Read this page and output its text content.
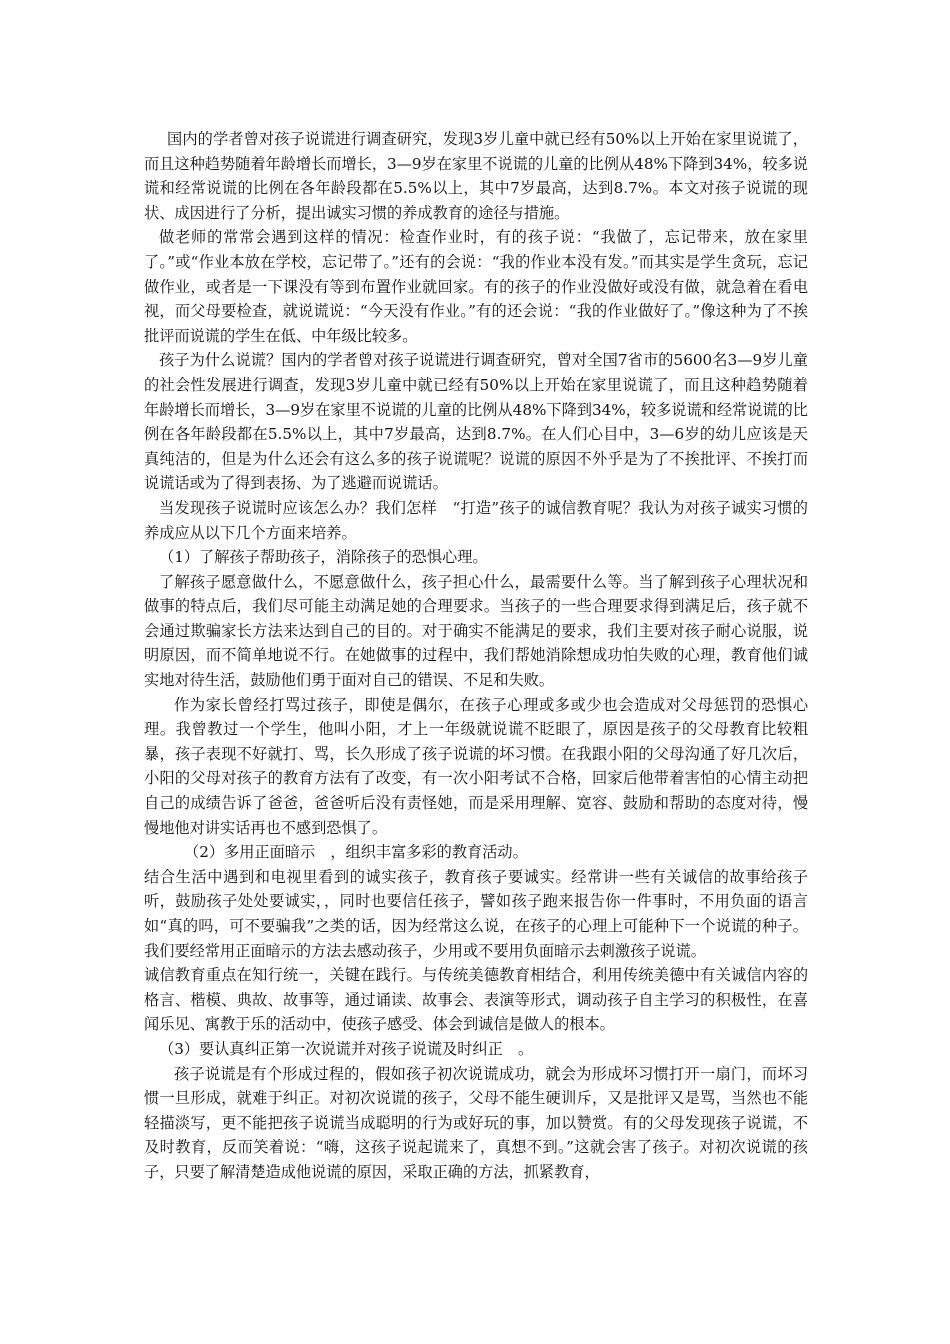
国内的学者曾对孩子说谎进行调查研究，发现3岁儿童中就已经有50%以上开始在家里说谎了，而且这种趋势随着年龄增长而增长，3—9岁在家里不说谎的儿童的比例从48%下降到34%，较多说谎和经常说谎的比例在各年龄段都在5.5%以上，其中7岁最高，达到8.7%。本文对孩子说谎的现状、成因进行了分析，提出诚实习惯的养成教育的途径与措施。

做老师的常常会遇到这样的情况：检查作业时，有的孩子说：“我做了，忘记带来，放在家里了。”或“作业本放在学校，忘记带了。”还有的会说：“我的作业本没有发。”而其实是学生贪玩，忘记做作业，或者是一下课没有等到布置作业就回家。有的孩子的作业没做好或没有做，就急着在看电视，而父母要检查，就说谎说：“今天没有作业。”有的还会说：“我的作业做好了。”像这种为了不挨批评而说谎的学生在低、中年级比较多。

孩子为什么说谎？国内的学者曾对孩子说谎进行调查研究，曾对全国7省市的5600名3—9岁儿童的社会性发展进行调查，发现3岁儿童中就已经有50%以上开始在家里说谎了，而且这种趋势随着年龄增长而增长，3—9岁在家里不说谎的儿童的比例从48%下降到34%，较多说谎和经常说谎的比例在各年龄段都在5.5%以上，其中7岁最高，达到8.7%。在人们心目中，3—6岁的幼儿应该是天真纯洁的，但是为什么还会有这么多的孩子说谎呢？说谎的原因不外乎是为了不挨批评、不挨打而说谎话或为了得到表扬、为了逃避而说谎话。

当发现孩子说谎时应该怎么办？我们怎样　“打造”孩子的诚信教育呢？我认为对孩子诚实习惯的养成应从以下几个方面来培养。

（1）了解孩子帮助孩子，消除孩子的恐惧心理。

了解孩子愿意做什么，不愿意做什么，孩子担心什么，最需要什么等。当了解到孩子心理状况和做事的特点后，我们尽可能主动满足她的合理要求。当孩子的一些合理要求得到满足后，孩子就不会通过欺骗家长方法来达到自己的目的。对于确实不能满足的要求，我们主要对孩子耐心说服，说明原因，而不简单地说不行。在她做事的过程中，我们帮她消除想成功怕失败的心理，教育他们诚实地对待生活，鼓励他们勇于面对自己的错误、不足和失败。

作为家长曾经打骂过孩子，即使是偶尔，在孩子心理或多或少也会造成对父母惩罚的恐惧心理。我曾教过一个学生，他叫小阳，才上一年级就说谎不眨眼了，原因是孩子的父母教育比较粗暴，孩子表现不好就打、骂，长久形成了孩子说谎的坏习惯。在我跟小阳的父母沟通了好几次后，小阳的父母对孩子的教育方法有了改变，有一次小阳考试不合格，回家后他带着害怕的心情主动把自己的成绩告诉了爸爸，爸爸听后没有责怪她，而是采用理解、宽容、鼓励和帮助的态度对待，慢慢地他对讲实话再也不感到恐惧了。

（2）多用正面暗示　，组织丰富多彩的教育活动。

结合生活中遇到和电视里看到的诚实孩子，教育孩子要诚实。经常讲一些有关诚信的故事给孩子听，鼓励孩子处处要诚实，，同时也要信任孩子，譬如孩子跑来报告你一件事时，不用负面的语言如“真的吗，可不要骗我”之类的话，因为经常这么说，在孩子的心理上可能种下一个说谎的种子。我们要经常用正面暗示的方法去感动孩子，少用或不要用负面暗示去刺激孩子说谎。

诚信教育重点在知行统一，关键在践行。与传统美德教育相结合，利用传统美德中有关诚信内容的格言、楷模、典故、故事等，通过诵读、故事会、表演等形式，调动孩子自主学习的积极性，在喜闻乐见、寓教于乐的活动中，使孩子感受、体会到诚信是做人的根本。

（3）要认真纠正第一次说谎并对孩子说谎及时纠正　。

孩子说谎是有个形成过程的，假如孩子初次说谎成功，就会为形成坏习惯打开一扇门，而坏习惯一旦形成，就难于纠正。对初次说谎的孩子，父母不能生硬训斥，又是批评又是骂，当然也不能轻描淡写，更不能把孩子说谎当成聪明的行为或好玩的事，加以赞赏。有的父母发现孩子说谎，不及时教育，反而笑着说：“嗨，这孩子说起谎来了，真想不到。”这就会害了孩子。对初次说谎的孩子，只要了解清楚造成他说谎的原因，采取正确的方法，抓紧教育，
